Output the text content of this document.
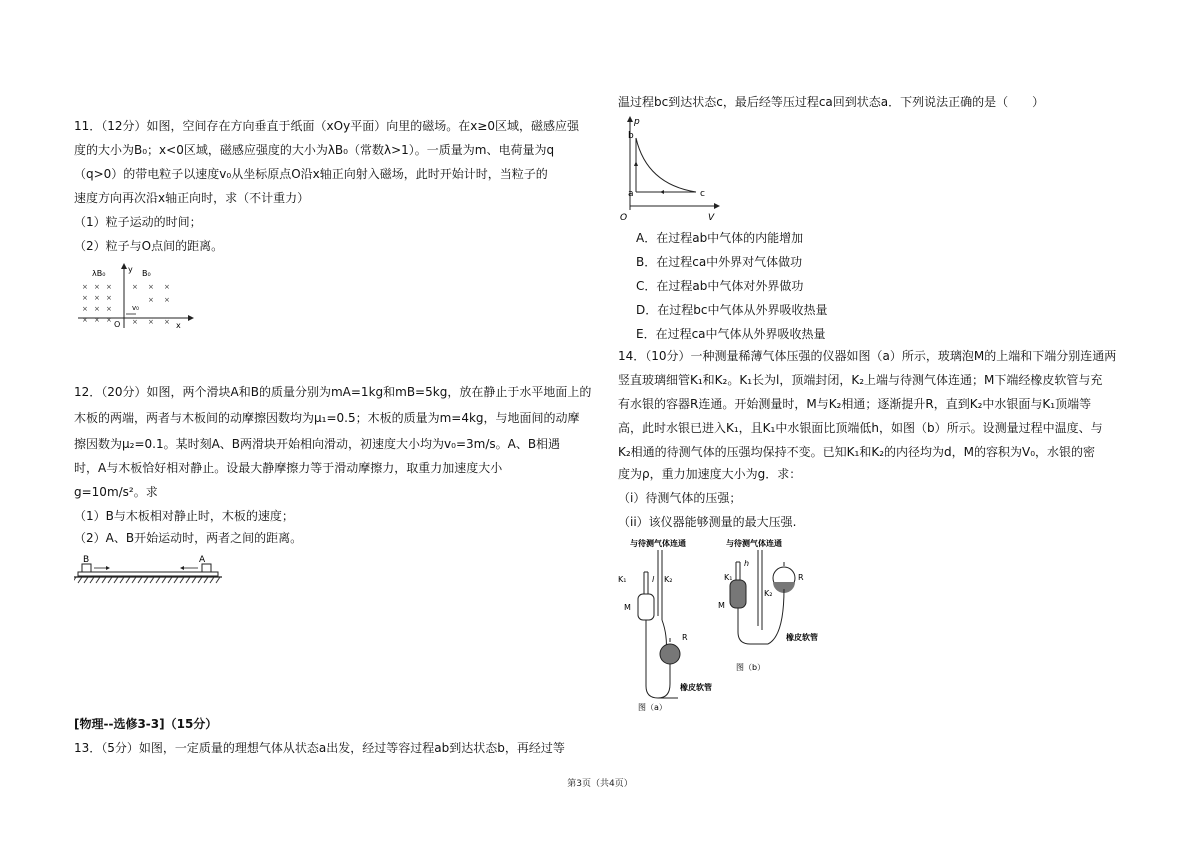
11．（12分）如图，空间存在方向垂直于纸面（xOy平面）向里的磁场。在x≥0区域，磁感应强
度的大小为B₀；x<0区域，磁感应强度的大小为λB₀（常数λ>1）。一质量为m、电荷量为q
（q>0）的带电粒子以速度v₀从坐标原点O沿x轴正向射入磁场，此时开始计时，当粒子的
速度方向再次沿x轴正向时，求（不计重力）
（1）粒子运动的时间；
（2）粒子与O点间的距离。
λB₀	B₀
y
x
O
v₀
× × ×
× × ×
× × ×
× × ×
× × ×
× ×
× × ×
12．（20分）如图，两个滑块A和B的质量分别为mA=1kg和mB=5kg，放在静止于水平地面上的
木板的两端，两者与木板间的动摩擦因数均为μ₁=0.5；木板的质量为m=4kg，与地面间的动摩
擦因数为μ₂=0.1。某时刻A、B两滑块开始相向滑动，初速度大小均为v₀=3m/s。A、B相遇
时，A与木板恰好相对静止。设最大静摩擦力等于滑动摩擦力，取重力加速度大小
g=10m/s²。求
（1）B与木板相对静止时，木板的速度；
（2）A、B开始运动时，两者之间的距离。
B	A
[物理--选修3-3]（15分）
13．（5分）如图，一定质量的理想气体从状态a出发，经过等容过程ab到达状态b，再经过等
温过程bc到达状态c，最后经等压过程ca回到状态a．下列说法正确的是（　　）
O
p
V
b
a	c
A．在过程ab中气体的内能增加
B．在过程ca中外界对气体做功
C．在过程ab中气体对外界做功
D．在过程bc中气体从外界吸收热量
E．在过程ca中气体从外界吸收热量
14．（10分）一种测量稀薄气体压强的仪器如图（a）所示，玻璃泡M的上端和下端分别连通两
竖直玻璃细管K₁和K₂。K₁长为l，顶端封闭，K₂上端与待测气体连通；M下端经橡皮软管与充
有水银的容器R连通。开始测量时，M与K₂相通；逐渐提升R，直到K₂中水银面与K₁顶端等
高，此时水银已进入K₁，且K₁中水银面比顶端低h，如图（b）所示。设测量过程中温度、与
K₂相通的待测气体的压强均保持不变。已知K₁和K₂的内径均为d，M的容积为V₀，水银的密
度为ρ，重力加速度大小为g．求：
（i）待测气体的压强；
（ii）该仪器能够测量的最大压强.
与待测气体连通
K₁	l K₂
M
R
橡皮软管
图（a）
与待测气体连通
h
K₁
K₂
M
R
橡皮软管
图（b）
第3页（共4页）
